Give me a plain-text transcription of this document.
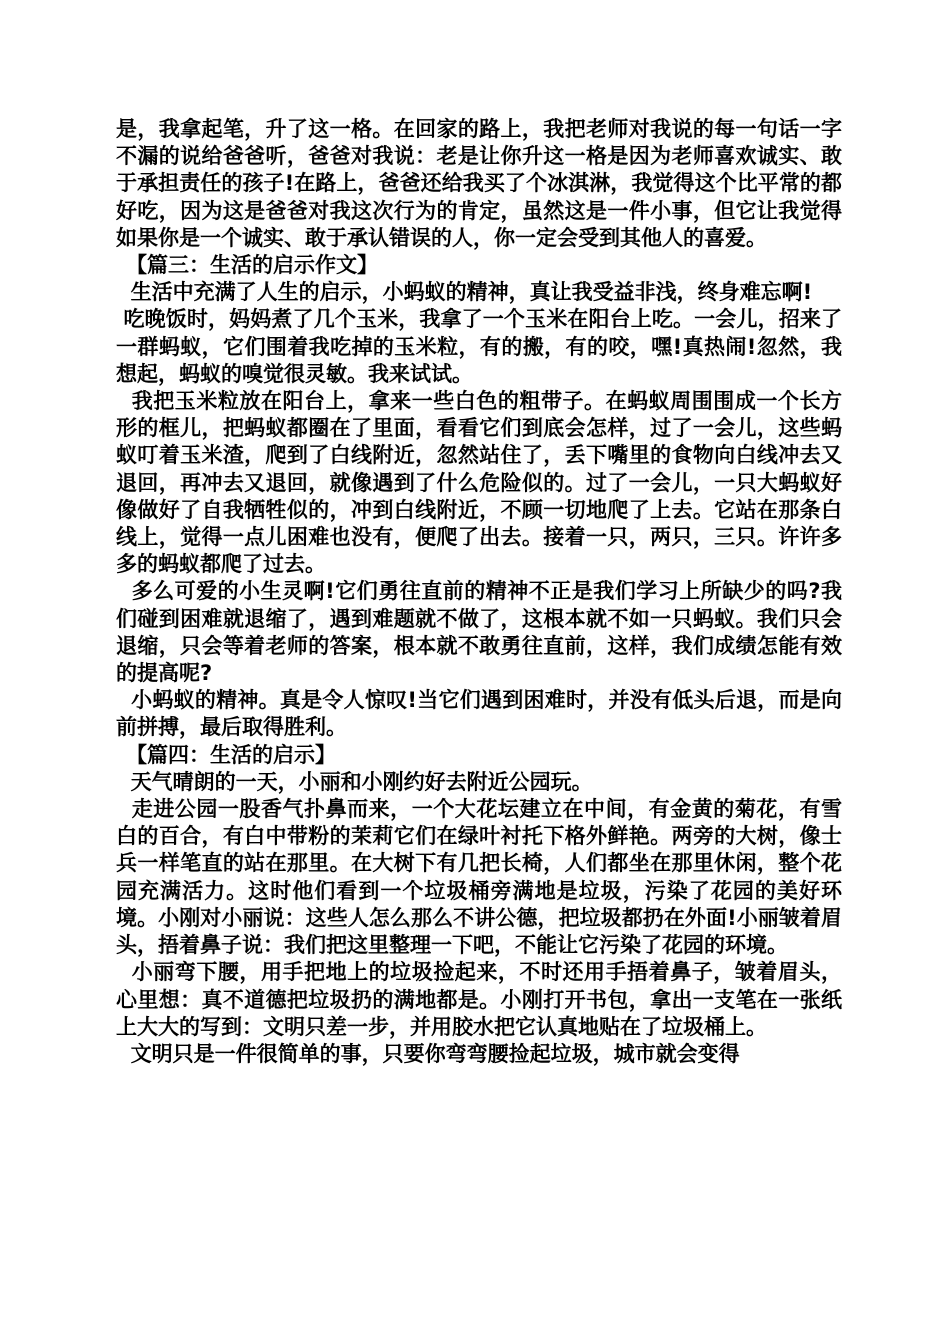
是，我拿起笔，升了这一格。在回家的路上，我把老师对我说的每一句话一字不漏的说给爸爸听，爸爸对我说：老是让你升这一格是因为老师喜欢诚实、敢于承担责任的孩子!在路上，爸爸还给我买了个冰淇淋，我觉得这个比平常的都好吃，因为这是爸爸对我这次行为的肯定，虽然这是一件小事，但它让我觉得如果你是一个诚实、敢于承认错误的人，你一定会受到其他人的喜爱。

【篇三：生活的启示作文】

生活中充满了人生的启示，小蚂蚁的精神，真让我受益非浅，终身难忘啊!

吃晚饭时，妈妈煮了几个玉米，我拿了一个玉米在阳台上吃。一会儿，招来了一群蚂蚁，它们围着我吃掉的玉米粒，有的搬，有的咬，嘿!真热闹!忽然，我想起，蚂蚁的嗅觉很灵敏。我来试试。

我把玉米粒放在阳台上，拿来一些白色的粗带子。在蚂蚁周围围成一个长方形的框儿，把蚂蚁都圈在了里面，看看它们到底会怎样，过了一会儿，这些蚂蚁叮着玉米渣，爬到了白线附近，忽然站住了，丢下嘴里的食物向白线冲去又退回，再冲去又退回，就像遇到了什么危险似的。过了一会儿，一只大蚂蚁好像做好了自我牺牲似的，冲到白线附近，不顾一切地爬了上去。它站在那条白线上，觉得一点儿困难也没有，便爬了出去。接着一只，两只，三只。许许多多的蚂蚁都爬了过去。

多么可爱的小生灵啊!它们勇往直前的精神不正是我们学习上所缺少的吗?我们碰到困难就退缩了，遇到难题就不做了，这根本就不如一只蚂蚁。我们只会退缩，只会等着老师的答案，根本就不敢勇往直前，这样，我们成绩怎能有效的提高呢?

小蚂蚁的精神。真是令人惊叹!当它们遇到困难时，并没有低头后退，而是向前拼搏，最后取得胜利。

【篇四：生活的启示】

天气晴朗的一天，小丽和小刚约好去附近公园玩。

走进公园一股香气扑鼻而来，一个大花坛建立在中间，有金黄的菊花，有雪白的百合，有白中带粉的茉莉它们在绿叶衬托下格外鲜艳。两旁的大树，像士兵一样笔直的站在那里。在大树下有几把长椅，人们都坐在那里休闲，整个花园充满活力。这时他们看到一个垃圾桶旁满地是垃圾，污染了花园的美好环境。小刚对小丽说：这些人怎么那么不讲公德，把垃圾都扔在外面!小丽皱着眉头，捂着鼻子说：我们把这里整理一下吧，不能让它污染了花园的环境。

小丽弯下腰，用手把地上的垃圾捡起来，不时还用手捂着鼻子，皱着眉头，心里想：真不道德把垃圾扔的满地都是。小刚打开书包，拿出一支笔在一张纸上大大的写到：文明只差一步，并用胶水把它认真地贴在了垃圾桶上。

文明只是一件很简单的事，只要你弯弯腰捡起垃圾，城市就会变得
